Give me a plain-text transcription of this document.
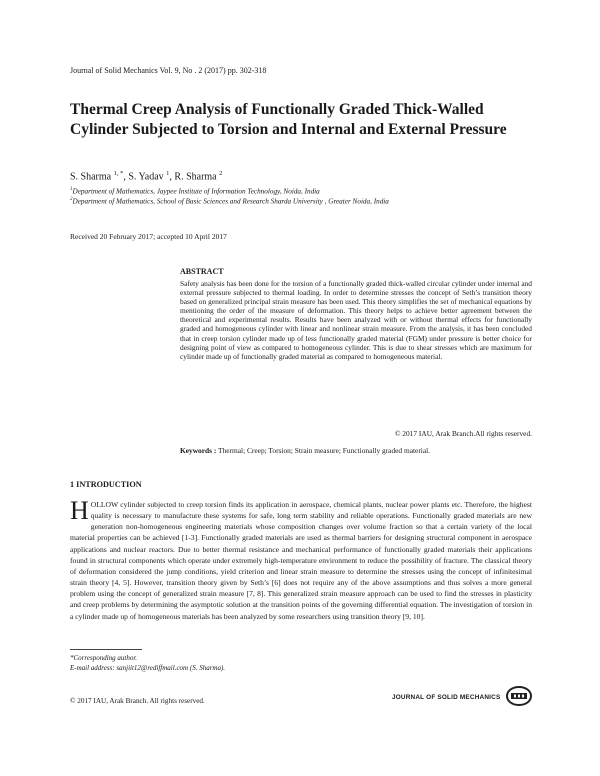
Journal of Solid Mechanics Vol. 9, No . 2 (2017) pp. 302-318
Thermal Creep Analysis of Functionally Graded Thick-Walled Cylinder Subjected to Torsion and Internal and External Pressure
S. Sharma $^{1, *}$, S. Yadav $^1$, R. Sharma $^2$
$^1$Department of Mathematics, Jaypee Institute of Information Technology, Noida, India
$^2$Department of Mathematics, School of Basic Sciences and Research Sharda University , Greater Noida, India
Received 20 February 2017; accepted 10 April 2017
ABSTRACT
Safety analysis has been done for the torsion of a functionally graded thick-walled circular cylinder under internal and external pressure subjected to thermal loading. In order to determine stresses the concept of Seth’s transition theory based on generalized principal strain measure has been used. This theory simplifies the set of mechanical equations by mentioning the order of the measure of deformation. This theory helps to achieve better agreement between the theoretical and experimental results. Results have been analyzed with or without thermal effects for functionally graded and homogeneous cylinder with linear and nonlinear strain measure. From the analysis, it has been concluded that in creep torsion cylinder made up of less functionally graded material (FGM) under pressure is better choice for designing point of view as compared to homogeneous cylinder. This is due to shear stresses which are maximum for cylinder made up of functionally graded material as compared to homogeneous material.
© 2017 IAU, Arak Branch.All rights reserved.
Keywords : Thermal; Creep; Torsion; Strain measure; Functionally graded material.
1 INTRODUCTION
HOLLOW cylinder subjected to creep torsion finds its application in aerospace, chemical plants, nuclear power plants etc. Therefore, the highest quality is necessary to manufacture these systems for safe, long term stability and reliable operations. Functionally graded materials are new generation non-homogeneous engineering materials whose composition changes over volume fraction so that a certain variety of the local material properties can be achieved [1-3]. Functionally graded materials are used as thermal barriers for designing structural component in aerospace applications and nuclear reactors. Due to better thermal resistance and mechanical performance of functionally graded materials their applications found in structural components which operate under extremely high-temperature environment to reduce the possibility of fracture. The classical theory of deformation considered the jump conditions, yield criterion and linear strain measure to determine the stresses using the concept of infinitesimal strain theory [4, 5]. However, transition theory given by Seth’s [6] does not require any of the above assumptions and thus solves a more general problem using the concept of generalized strain measure [7, 8]. This generalized strain measure approach can be used to find the stresses in plasticity and creep problems by determining the asymptotic solution at the transition points of the governing differential equation. The investigation of torsion in a cylinder made up of homogeneous materials has been analyzed by some researchers using transition theory [9, 10].
*Corresponding author.
E-mail address: sanjiit12@rediffmail.com (S. Sharma).
© 2017 IAU, Arak Branch. All rights reserved.	JOURNAL OF SOLID MECHANICS
